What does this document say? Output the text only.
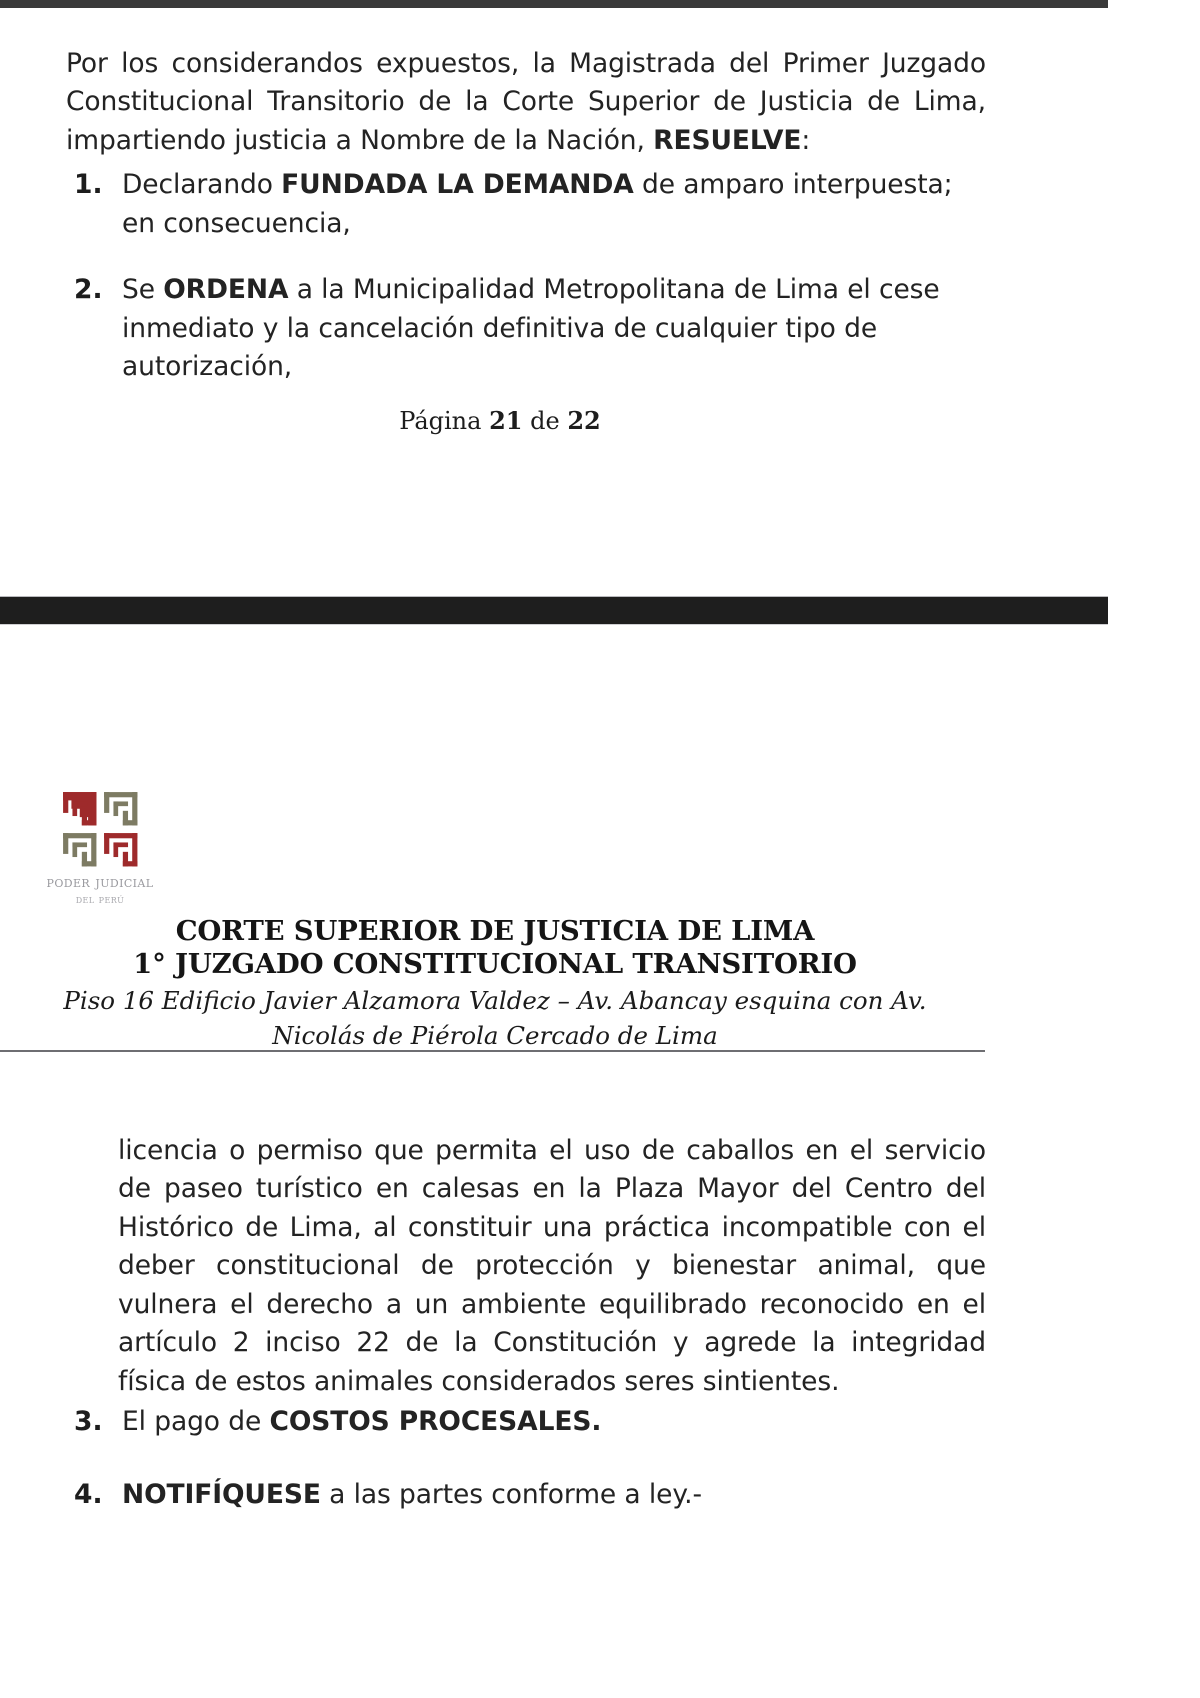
Por los considerandos expuestos, la Magistrada del Primer Juzgado Constitucional Transitorio de la Corte Superior de Justicia de Lima, impartiendo justicia a Nombre de la Nación, RESUELVE:

1. Declarando FUNDADA LA DEMANDA de amparo interpuesta; en consecuencia,
2. Se ORDENA a la Municipalidad Metropolitana de Lima el cese inmediato y la cancelación definitiva de cualquier tipo de autorización,
Página 21 de 22
poder judicial
del perú
CORTE SUPERIOR DE JUSTICIA DE LIMA
1° JUZGADO CONSTITUCIONAL TRANSITORIO
Piso 16 Edificio Javier Alzamora Valdez – Av. Abancay esquina con Av. Nicolás de Piérola Cercado de Lima

licencia o permiso que permita el uso de caballos en el servicio de paseo turístico en calesas en la Plaza Mayor del Centro del Histórico de Lima, al constituir una práctica incompatible con el deber constitucional de protección y bienestar animal, que vulnera el derecho a un ambiente equilibrado reconocido en el artículo 2 inciso 22 de la Constitución y agrede la integridad física de estos animales considerados seres sintientes.

3. El pago de COSTOS PROCESALES.
4. NOTIFÍQUESE a las partes conforme a ley.-
